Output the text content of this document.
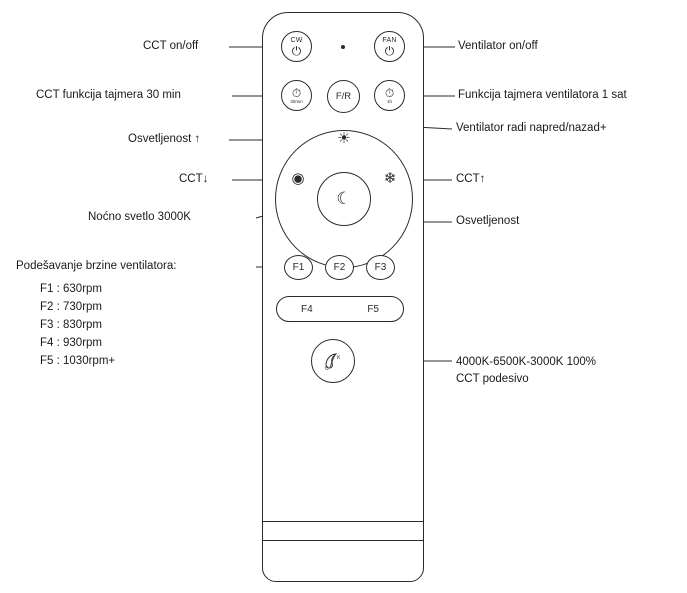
CW
⏻
FAN
⏻
⏱
30min	F/R	⏱
1h
☀
◉	❄
☾
F1	F2	F3
F4	F5
C
K
CCT on/off
CCT funkcija tajmera 30 min
Osvetljenost ↑
CCT↓
Noćno svetlo 3000K
Ventilator on/off
Funkcija tajmera ventilatora 1 sat
Ventilator radi napred/nazad+
CCT↑
Osvetljenost
Podešavanje brzine ventilatora:
F1 : 630rpm
F2 : 730rpm
F3 : 830rpm
F4 : 930rpm
F5 : 1030rpm+	4000K-6500K-3000K 100%
CCT podesivo
